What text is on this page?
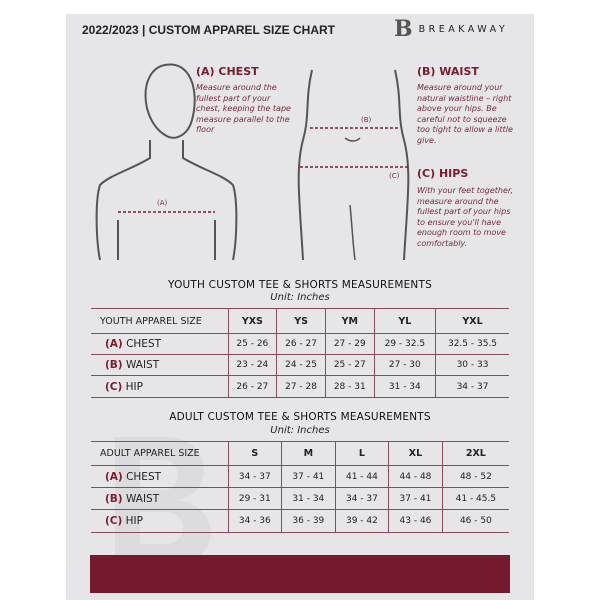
2022/2023 | CUSTOM APPAREL SIZE CHART	B BREAKAWAY
(A)
(B)
(C)
(A) CHEST
Measure around the fullest part of your chest, keeping the tape measure parallel to the floor
(B) WAIST
Measure around your natural waistline – right above your hips. Be careful not to squeeze too tight to allow a little give.
(C) HIPS
With your feet together, measure around the fullest part of your hips to ensure you'll have enough room to move comfortably.
YOUTH CUSTOM TEE & SHORTS MEASUREMENTS
Unit: Inches
YOUTH APPAREL SIZE	YXS	YS	YM	YL	YXL
(A) CHEST	25 - 26	26 - 27	27 - 29	29 - 32.5	32.5 - 35.5
(B) WAIST	23 - 24	24 - 25	25 - 27	27 - 30	30 - 33
(C) HIP	26 - 27	27 - 28	28 - 31	31 - 34	34 - 37
ADULT CUSTOM TEE & SHORTS MEASUREMENTS
Unit: Inches
ADULT APPAREL SIZE	S	M	L	XL	2XL
(A) CHEST	34 - 37	37 - 41	41 - 44	44 - 48	48 - 52
(B) WAIST	29 - 31	31 - 34	34 - 37	37 - 41	41 - 45.5
(C) HIP	34 - 36	36 - 39	39 - 42	43 - 46	46 - 50
